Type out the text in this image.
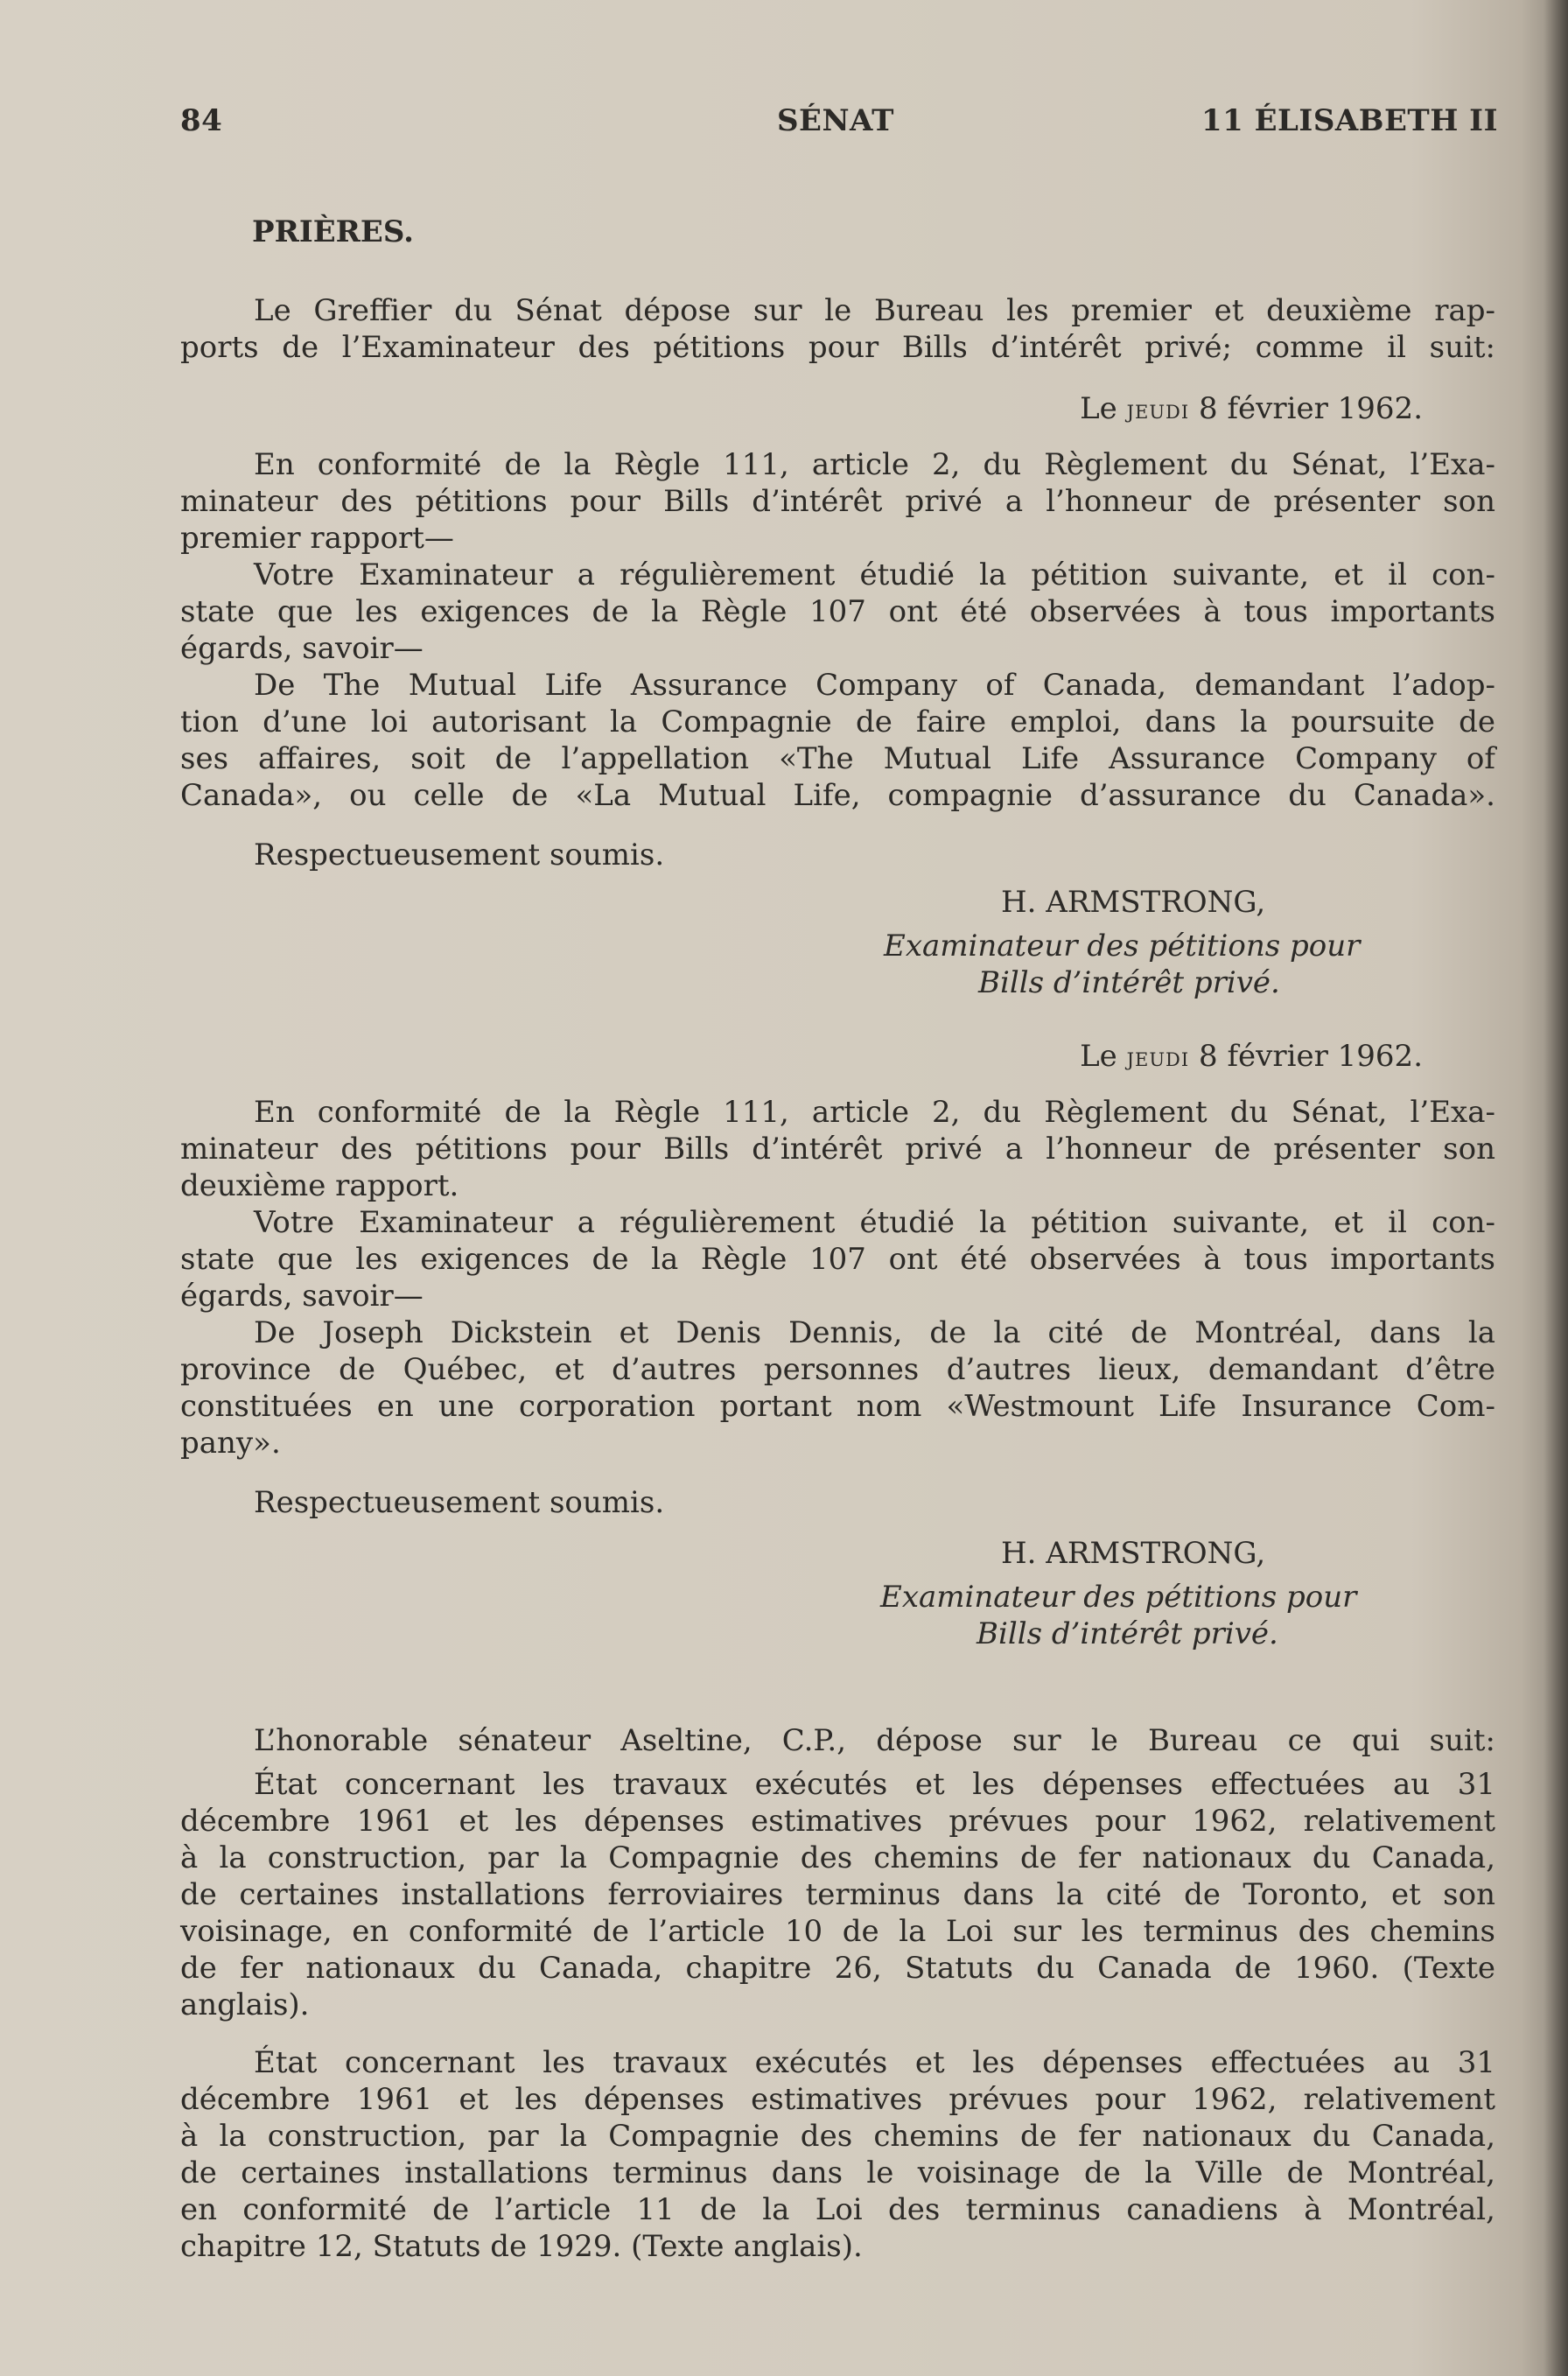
84	SÉNAT	11 ÉLISABETH II
PRIÈRES.
Le Greffier du Sénat dépose sur le Bureau les premier et deuxième rap-
ports de l’Examinateur des pétitions pour Bills d’intérêt privé; comme il suit:
Le jeudi 8 février 1962.
En conformité de la Règle 111, article 2, du Règlement du Sénat, l’Exa-
minateur des pétitions pour Bills d’intérêt privé a l’honneur de présenter son
premier rapport—
Votre Examinateur a régulièrement étudié la pétition suivante, et il con-
state que les exigences de la Règle 107 ont été observées à tous importants
égards, savoir—
De The Mutual Life Assurance Company of Canada, demandant l’adop-
tion d’une loi autorisant la Compagnie de faire emploi, dans la poursuite de
ses affaires, soit de l’appellation «The Mutual Life Assurance Company of
Canada», ou celle de «La Mutual Life, compagnie d’assurance du Canada».
Respectueusement soumis.
H. ARMSTRONG,
Examinateur des pétitions pour
Bills d’intérêt privé.
Le jeudi 8 février 1962.
En conformité de la Règle 111, article 2, du Règlement du Sénat, l’Exa-
minateur des pétitions pour Bills d’intérêt privé a l’honneur de présenter son
deuxième rapport.
Votre Examinateur a régulièrement étudié la pétition suivante, et il con-
state que les exigences de la Règle 107 ont été observées à tous importants
égards, savoir—
De Joseph Dickstein et Denis Dennis, de la cité de Montréal, dans la
province de Québec, et d’autres personnes d’autres lieux, demandant d’être
constituées en une corporation portant nom «Westmount Life Insurance Com-
pany».
Respectueusement soumis.
H. ARMSTRONG,
Examinateur des pétitions pour
Bills d’intérêt privé.
L’honorable sénateur Aseltine, C.P., dépose sur le Bureau ce qui suit:
État concernant les travaux exécutés et les dépenses effectuées au 31
décembre 1961 et les dépenses estimatives prévues pour 1962, relativement
à la construction, par la Compagnie des chemins de fer nationaux du Canada,
de certaines installations ferroviaires terminus dans la cité de Toronto, et son
voisinage, en conformité de l’article 10 de la Loi sur les terminus des chemins
de fer nationaux du Canada, chapitre 26, Statuts du Canada de 1960. (Texte
anglais).
État concernant les travaux exécutés et les dépenses effectuées au 31
décembre 1961 et les dépenses estimatives prévues pour 1962, relativement
à la construction, par la Compagnie des chemins de fer nationaux du Canada,
de certaines installations terminus dans le voisinage de la Ville de Montréal,
en conformité de l’article 11 de la Loi des terminus canadiens à Montréal,
chapitre 12, Statuts de 1929. (Texte anglais).
